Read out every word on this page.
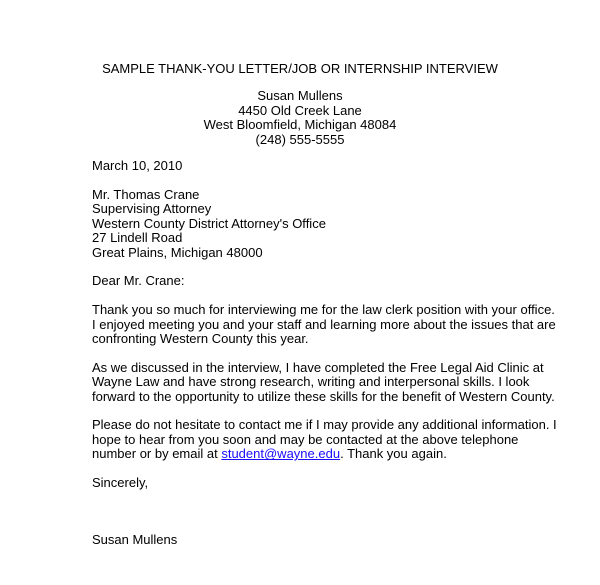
SAMPLE THANK-YOU LETTER/JOB OR INTERNSHIP INTERVIEW
Susan Mullens
4450 Old Creek Lane
West Bloomfield, Michigan 48084
(248) 555-5555
March 10, 2010
Mr. Thomas Crane
Supervising Attorney
Western County District Attorney's Office
27 Lindell Road
Great Plains, Michigan 48000
Dear Mr. Crane:
Thank you so much for interviewing me for the law clerk position with your office.
I enjoyed meeting you and your staff and learning more about the issues that are
confronting Western County this year.
As we discussed in the interview, I have completed the Free Legal Aid Clinic at
Wayne Law and have strong research, writing and interpersonal skills. I look
forward to the opportunity to utilize these skills for the benefit of Western County.
Please do not hesitate to contact me if I may provide any additional information. I
hope to hear from you soon and may be contacted at the above telephone
number or by email at student@wayne.edu. Thank you again.
Sincerely,
Susan Mullens
